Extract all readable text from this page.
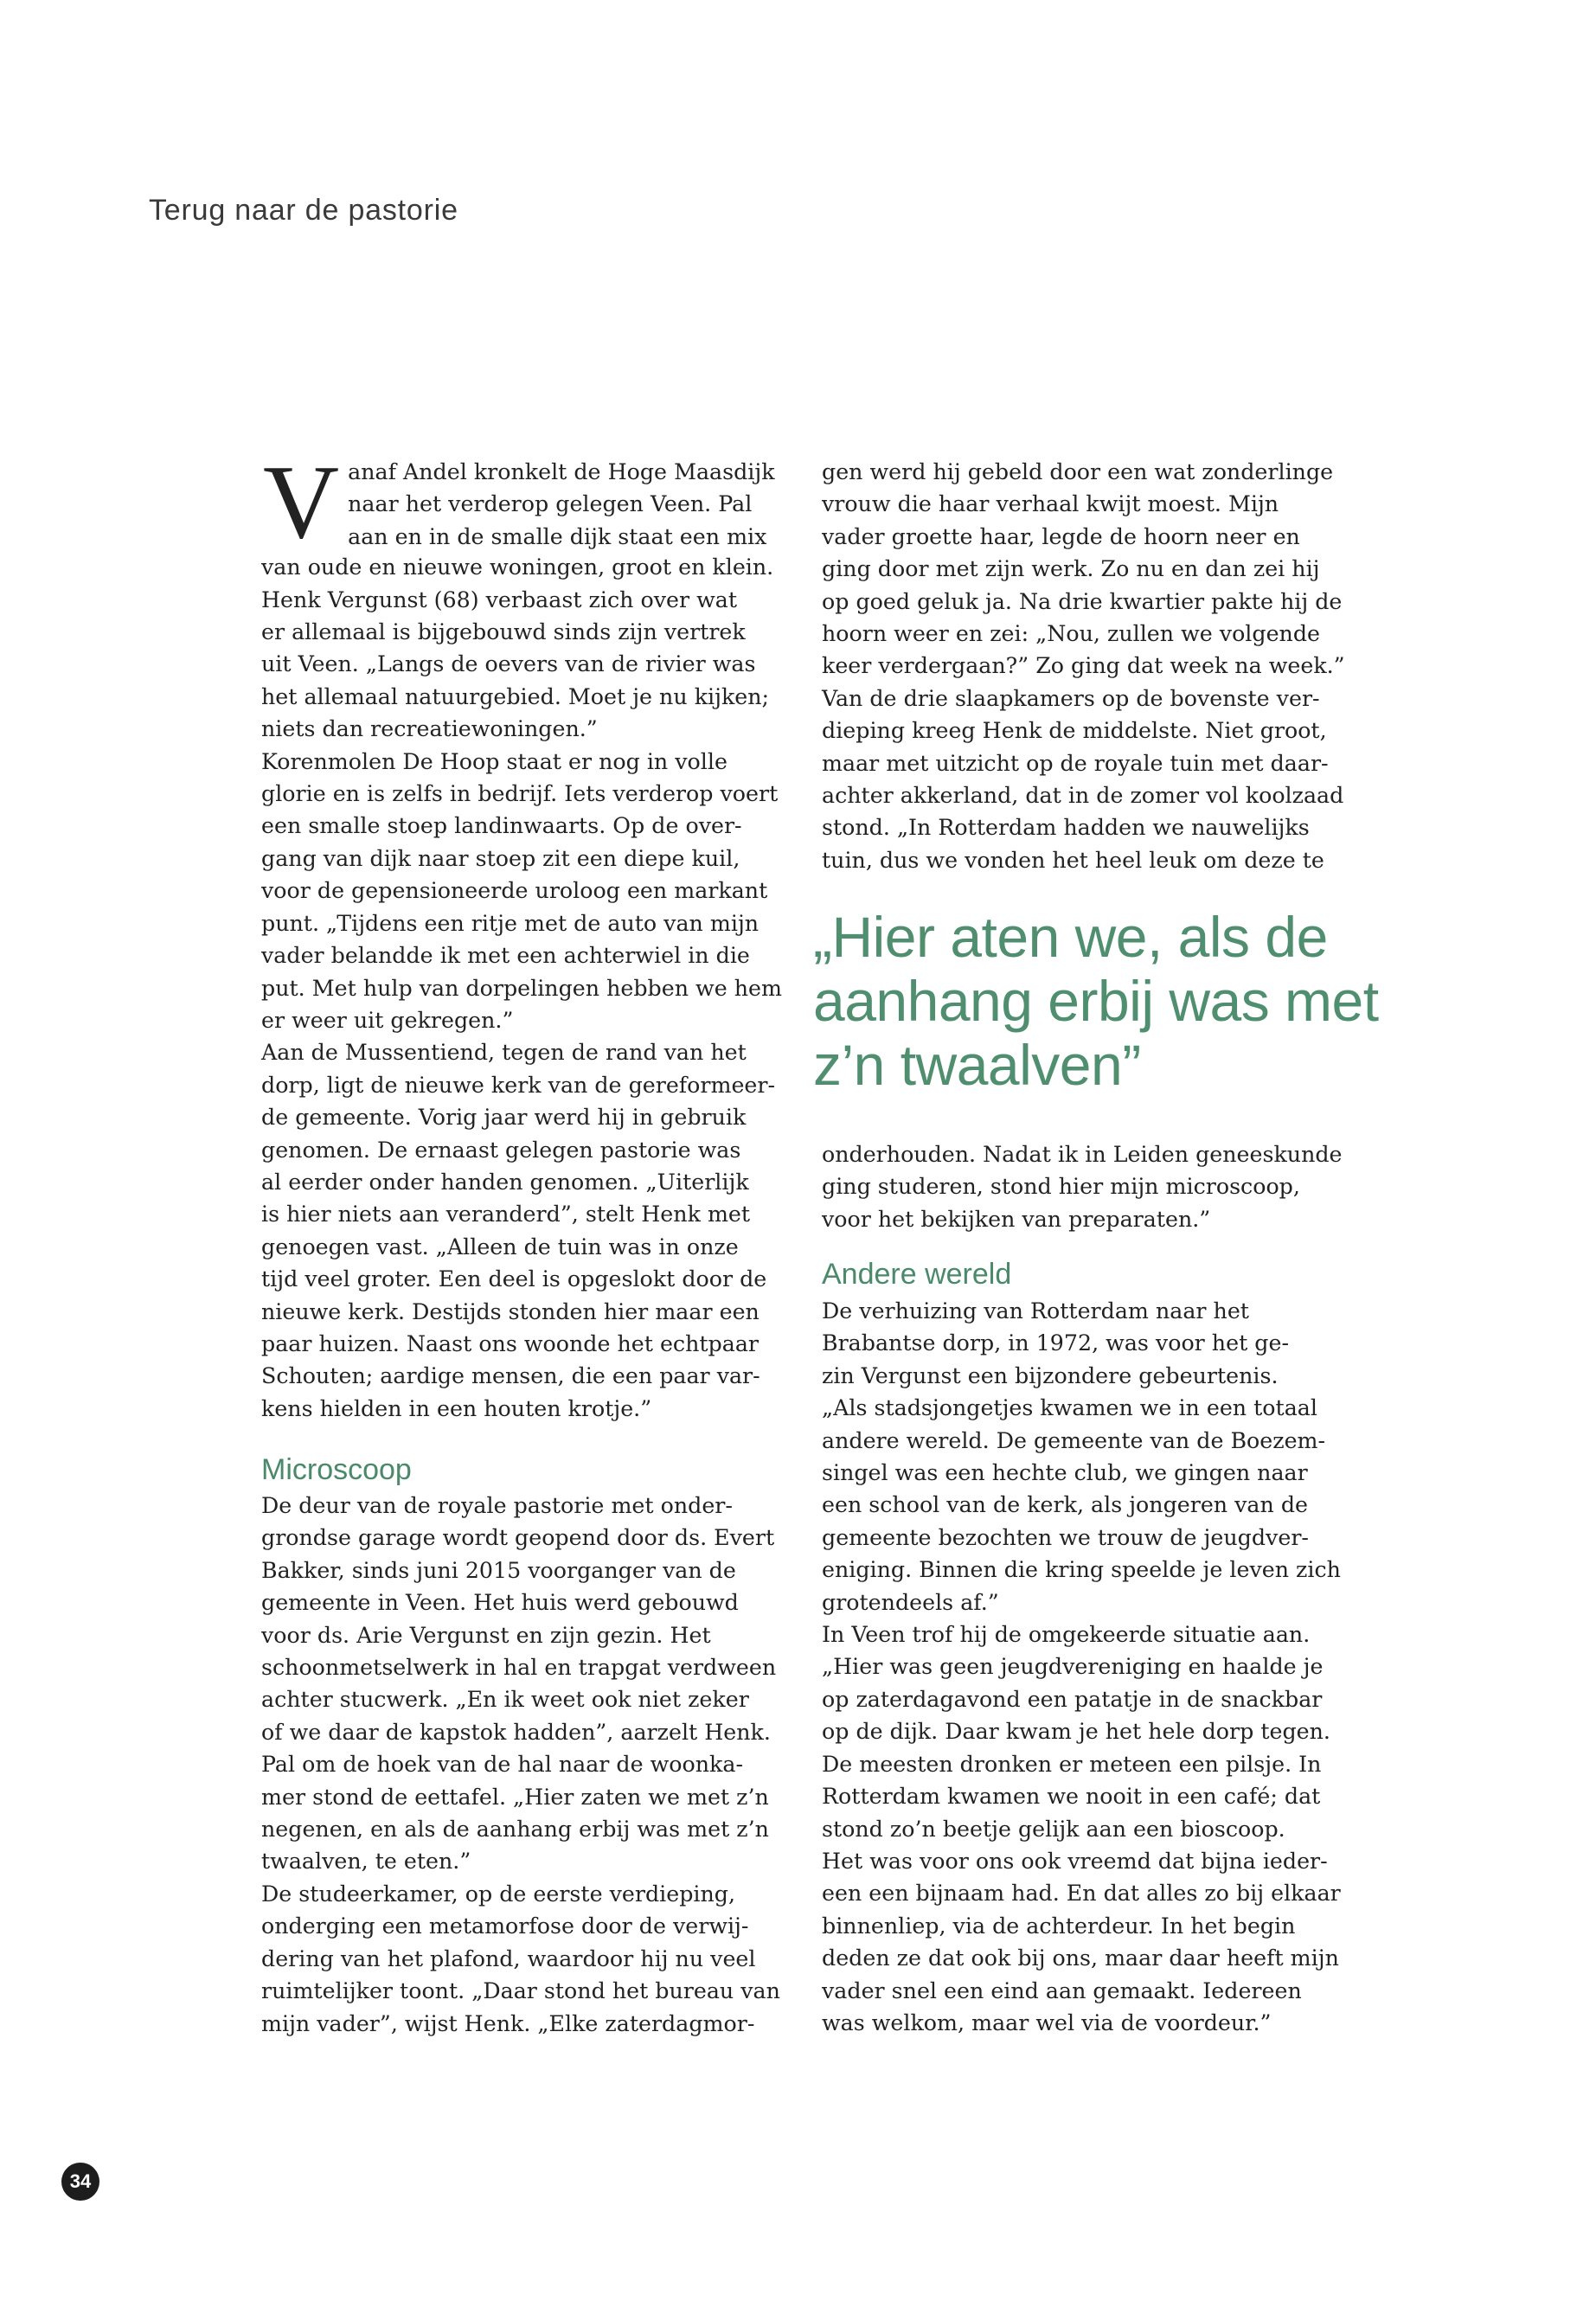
Terug naar de pastorie
V anaf Andel kronkelt de Hoge Maasdijk
naar het verderop gelegen Veen. Pal
aan en in de smalle dijk staat een mix

van oude en nieuwe woningen, groot en klein.
Henk Vergunst (68) verbaast zich over wat
er allemaal is bijgebouwd sinds zijn vertrek
uit Veen. „Langs de oevers van de rivier was
het allemaal natuurgebied. Moet je nu kijken;
niets dan recreatiewoningen.”
Korenmolen De Hoop staat er nog in volle
glorie en is zelfs in bedrijf. Iets verderop voert
een smalle stoep landinwaarts. Op de over-
gang van dijk naar stoep zit een diepe kuil,
voor de gepensioneerde uroloog een markant
punt. „Tijdens een ritje met de auto van mijn
vader belandde ik met een achterwiel in die
put. Met hulp van dorpelingen hebben we hem
er weer uit gekregen.”
Aan de Mussentiend, tegen de rand van het
dorp, ligt de nieuwe kerk van de gereformeer-
de gemeente. Vorig jaar werd hij in gebruik
genomen. De ernaast gelegen pastorie was
al eerder onder handen genomen. „Uiterlijk
is hier niets aan veranderd”, stelt Henk met
genoegen vast. „Alleen de tuin was in onze
tijd veel groter. Een deel is opgeslokt door de
nieuwe kerk. Destijds stonden hier maar een
paar huizen. Naast ons woonde het echtpaar
Schouten; aardige mensen, die een paar var-
kens hielden in een houten krotje.”

Microscoop

De deur van de royale pastorie met onder-
grondse garage wordt geopend door ds. Evert
Bakker, sinds juni 2015 voorganger van de
gemeente in Veen. Het huis werd gebouwd
voor ds. Arie Vergunst en zijn gezin. Het
schoonmetselwerk in hal en trapgat verdween
achter stucwerk. „En ik weet ook niet zeker
of we daar de kapstok hadden”, aarzelt Henk.
Pal om de hoek van de hal naar de woonka-
mer stond de eettafel. „Hier zaten we met z’n
negenen, en als de aanhang erbij was met z’n
twaalven, te eten.”
De studeerkamer, op de eerste verdieping,
onderging een metamorfose door de verwij-
dering van het plafond, waardoor hij nu veel
ruimtelijker toont. „Daar stond het bureau van
mijn vader”, wijst Henk. „Elke zaterdagmor-

gen werd hij gebeld door een wat zonderlinge
vrouw die haar verhaal kwijt moest. Mijn
vader groette haar, legde de hoorn neer en
ging door met zijn werk. Zo nu en dan zei hij
op goed geluk ja. Na drie kwartier pakte hij de
hoorn weer en zei: „Nou, zullen we volgende
keer verdergaan?” Zo ging dat week na week.”
Van de drie slaapkamers op de bovenste ver-
dieping kreeg Henk de middelste. Niet groot,
maar met uitzicht op de royale tuin met daar-
achter akkerland, dat in de zomer vol koolzaad
stond. „In Rotterdam hadden we nauwelijks
tuin, dus we vonden het heel leuk om deze te

„Hier aten we, als de
aanhang erbij was met
z’n twaalven”

onderhouden. Nadat ik in Leiden geneeskunde
ging studeren, stond hier mijn microscoop,
voor het bekijken van preparaten.”

Andere wereld

De verhuizing van Rotterdam naar het
Brabantse dorp, in 1972, was voor het ge-
zin Vergunst een bijzondere gebeurtenis.
„Als stadsjongetjes kwamen we in een totaal
andere wereld. De gemeente van de Boezem-
singel was een hechte club, we gingen naar
een school van de kerk, als jongeren van de
gemeente bezochten we trouw de jeugdver-
eniging. Binnen die kring speelde je leven zich
grotendeels af.”
In Veen trof hij de omgekeerde situatie aan.
„Hier was geen jeugdvereniging en haalde je
op zaterdagavond een patatje in de snackbar
op de dijk. Daar kwam je het hele dorp tegen.
De meesten dronken er meteen een pilsje. In
Rotterdam kwamen we nooit in een café; dat
stond zo’n beetje gelijk aan een bioscoop.
Het was voor ons ook vreemd dat bijna ieder-
een een bijnaam had. En dat alles zo bij elkaar
binnenliep, via de achterdeur. In het begin
deden ze dat ook bij ons, maar daar heeft mijn
vader snel een eind aan gemaakt. Iedereen
was welkom, maar wel via de voordeur.”

34
